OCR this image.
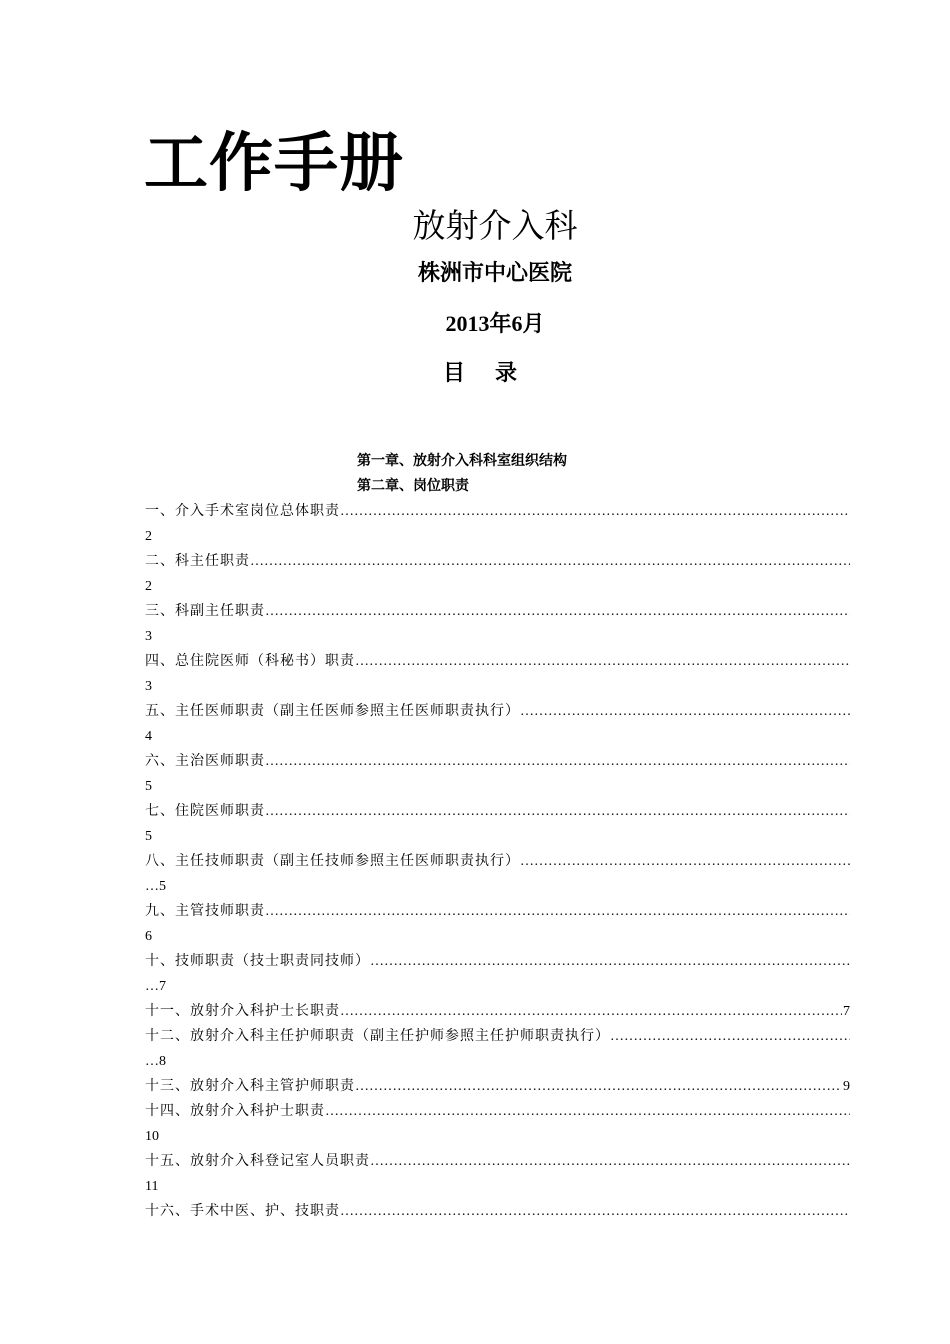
工作手册
放射介入科
株洲市中心医院
2013年6月
目录
第一章、放射介入科科室组织结构
第二章、岗位职责
一、介入手术室岗位总体职责
…………………………………………………………………………………………………………………………………………………………………………………………………………………………………
2
二、科主任职责
…………………………………………………………………………………………………………………………………………………………………………………………………………………………………
2
三、科副主任职责
…………………………………………………………………………………………………………………………………………………………………………………………………………………………………
3
四、总住院医师（科秘书）职责
…………………………………………………………………………………………………………………………………………………………………………………………………………………………………
3
五、主任医师职责（副主任医师参照主任医师职责执行）
…………………………………………………………………………………………………………………………………………………………………………………………………………………………………
4
六、主治医师职责
…………………………………………………………………………………………………………………………………………………………………………………………………………………………………
5
七、住院医师职责
…………………………………………………………………………………………………………………………………………………………………………………………………………………………………
5
八、主任技师职责（副主任技师参照主任医师职责执行）
…………………………………………………………………………………………………………………………………………………………………………………………………………………………………
…5
九、主管技师职责
…………………………………………………………………………………………………………………………………………………………………………………………………………………………………
6
十、技师职责（技士职责同技师）
…………………………………………………………………………………………………………………………………………………………………………………………………………………………………
…7
十一、放射介入科护士长职责 …………………………………………………………………………………………………………………………………………………………………………………………………………………………………	7
十二、放射介入科主任护师职责（副主任护师参照主任护师职责执行）
…………………………………………………………………………………………………………………………………………………………………………………………………………………………………
…8
十三、放射介入科主管护师职责 …………………………………………………………………………………………………………………………………………………………………………………………………………………………………	9
十四、放射介入科护士职责
…………………………………………………………………………………………………………………………………………………………………………………………………………………………………
10
十五、放射介入科登记室人员职责
…………………………………………………………………………………………………………………………………………………………………………………………………………………………………
11
十六、手术中医、护、技职责
…………………………………………………………………………………………………………………………………………………………………………………………………………………………………
